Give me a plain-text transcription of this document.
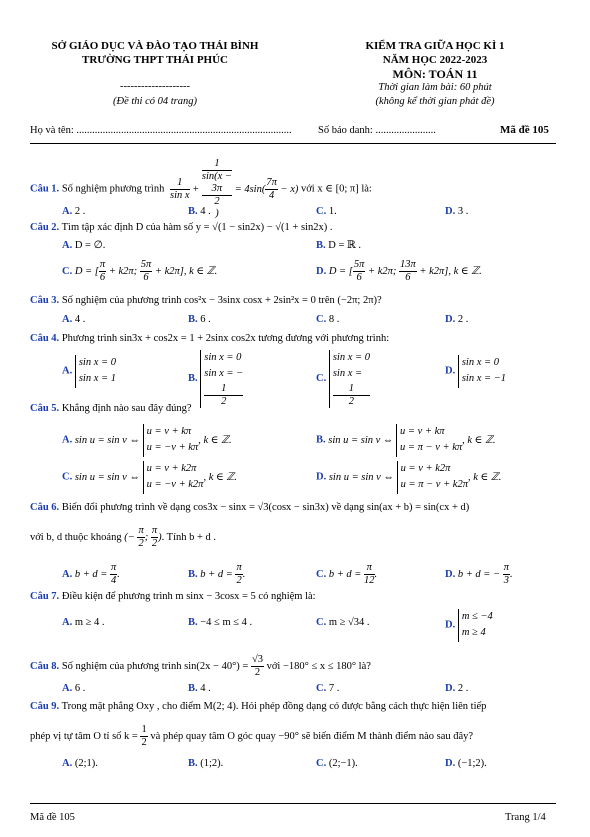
SỞ GIÁO DỤC VÀ ĐÀO TẠO THÁI BÌNH
TRƯỜNG THPT THÁI PHÚC
--------------------
(Đề thi có 04 trang)
KIỂM TRA GIỮA HỌC KÌ 1
NĂM HỌC 2022-2023
MÔN: TOÁN 11
Thời gian làm bài: 60 phút
(không kể thời gian phát đề)
Họ và tên: ..................................................................................	Số báo danh: .......................	Mã đề 105
Câu 1. Số nghiệm phương trình $\frac{1}{\text{sin x}} + 1$
sin(x −
3π
2
) = $4\sin( \frac{7\pi}{4} - x)$ với x ∈ [0; π] là:
A. 2 .	B. 4 .	C. 1.	D. 3 .
Câu 2. Tìm tập xác định D của hàm số y = √(1 − sin2x) − √(1 + sin2x) .
A. D = ∅.	B. D = ℝ .
C. D = [ $\frac{\pi}{6} + k2\pi$; $\frac{5\pi}{6} + k2\pi$], k ∈ ℤ.	D. D = [ $\frac{5\pi}{6} + k2\pi$; $\frac{13\pi}{6} + k2\pi$], k ∈ ℤ.
Câu 3. Số nghiệm của phương trình cos²x − 3sinx cosx + 2sin²x = 0 trên (−2π; 2π)?
A. 4 .	B. 6 .	C. 8 .	D. 2 .
Câu 4. Phương trình sin3x + cos2x = 1 + 2sinx cos2x tương đương với phương trình:
A.
sin x = 0
sin x = 1	B.
sin x = 0
sin x = −
1
2
C.
sin x = 0
sin x =
1
2
D.
sin x = 0
sin x = −1
Câu 5. Khẳng định nào sau đây đúng?
A. sin u = sin v ⇔
u = v + kπ
u = −v + kπ
, k ∈ ℤ.	B. sin u = sin v ⇔
u = v + kπ
u = π − v + kπ
, k ∈ ℤ.
C. sin u = sin v ⇔
u = v + k2π
u = −v + k2π
, k ∈ ℤ.	D. sin u = sin v ⇔
u = v + k2π
u = π − v + k2π
, k ∈ ℤ.
Câu 6. Biến đổi phương trình về dạng cos3x − sinx = √3(cosx − sin3x) về dạng sin(ax + b) = sin(cx + d)
với b, d thuộc khoảng (− $\frac{\pi}{2}$ ; $\frac{\pi}{2}$ ). Tính b + d .
A. $b + d = \frac{\pi}{4}$ .	B. $b + d = \frac{\pi}{2}$ .	C. $b + d = \frac{\pi}{12}$ .	D. b + d = − $\frac{\pi}{3}$ .
Câu 7. Điều kiện để phương trình m sinx − 3cosx = 5 có nghiệm là:
A. m ≥ 4 .	B. −4 ≤ m ≤ 4 .	C. m ≥ √34 .	D.
m ≤ −4
m ≥ 4
Câu 8. Số nghiệm của phương trình $\sin(2x - 40^\circ) = \frac{√3}{2}$ với −180° ≤ x ≤ 180° là?
A. 6 .	B. 4 .	C. 7 .	D. 2 .
Câu 9. Trong mặt phẳng Oxy , cho điểm M(2; 4). Hỏi phép đồng dạng có được bằng cách thực hiện liên tiếp
phép vị tự tâm O tỉ số $k = \frac{1}{2}$ và phép quay tâm O góc quay −90° sẽ biến điểm M thành điểm nào sau đây?
A. (2;1).	B. (1;2).	C. (2;−1).	D. (−1;2).
Mã đề 105	Trang 1/4
